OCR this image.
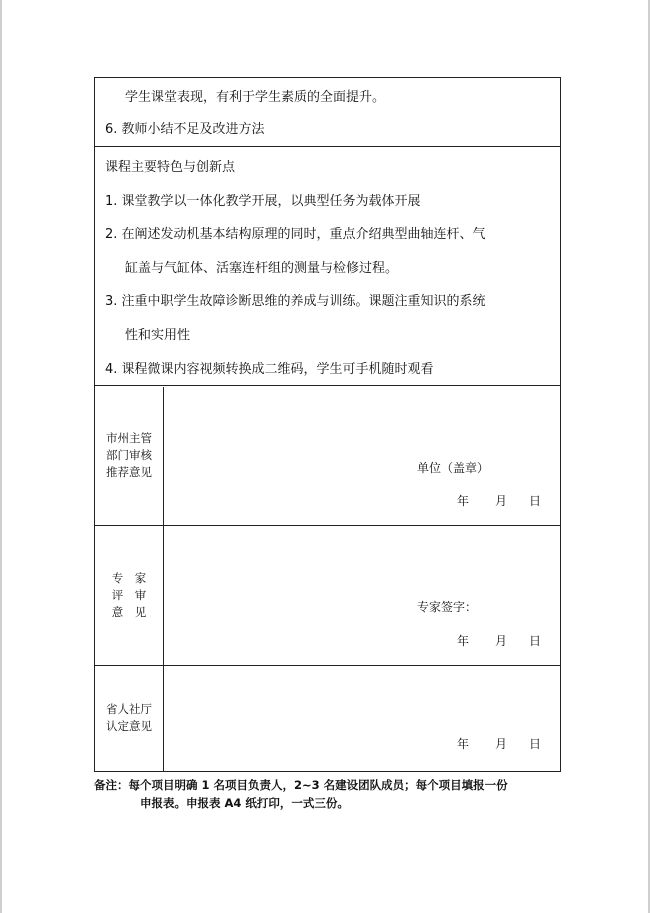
学生课堂表现，有利于学生素质的全面提升。
6. 教师小结不足及改进方法
课程主要特色与创新点
1. 课堂教学以一体化教学开展，以典型任务为载体开展
2. 在阐述发动机基本结构原理的同时，重点介绍典型曲轴连杆、气
缸盖与气缸体、活塞连杆组的测量与检修过程。
3. 注重中职学生故障诊断思维的养成与训练。课题注重知识的系统
性和实用性
4. 课程微课内容视频转换成二维码，学生可手机随时观看
市州主管
部门审核
推荐意见	单位（盖章）
年 月 日
专　家
评　审
意　见	专家签字：
年 月 日
省人社厅
认定意见
年 月 日
备注：每个项目明确 1 名项目负责人，2~3 名建设团队成员；每个项目填报一份
申报表。申报表 A4 纸打印，一式三份。
